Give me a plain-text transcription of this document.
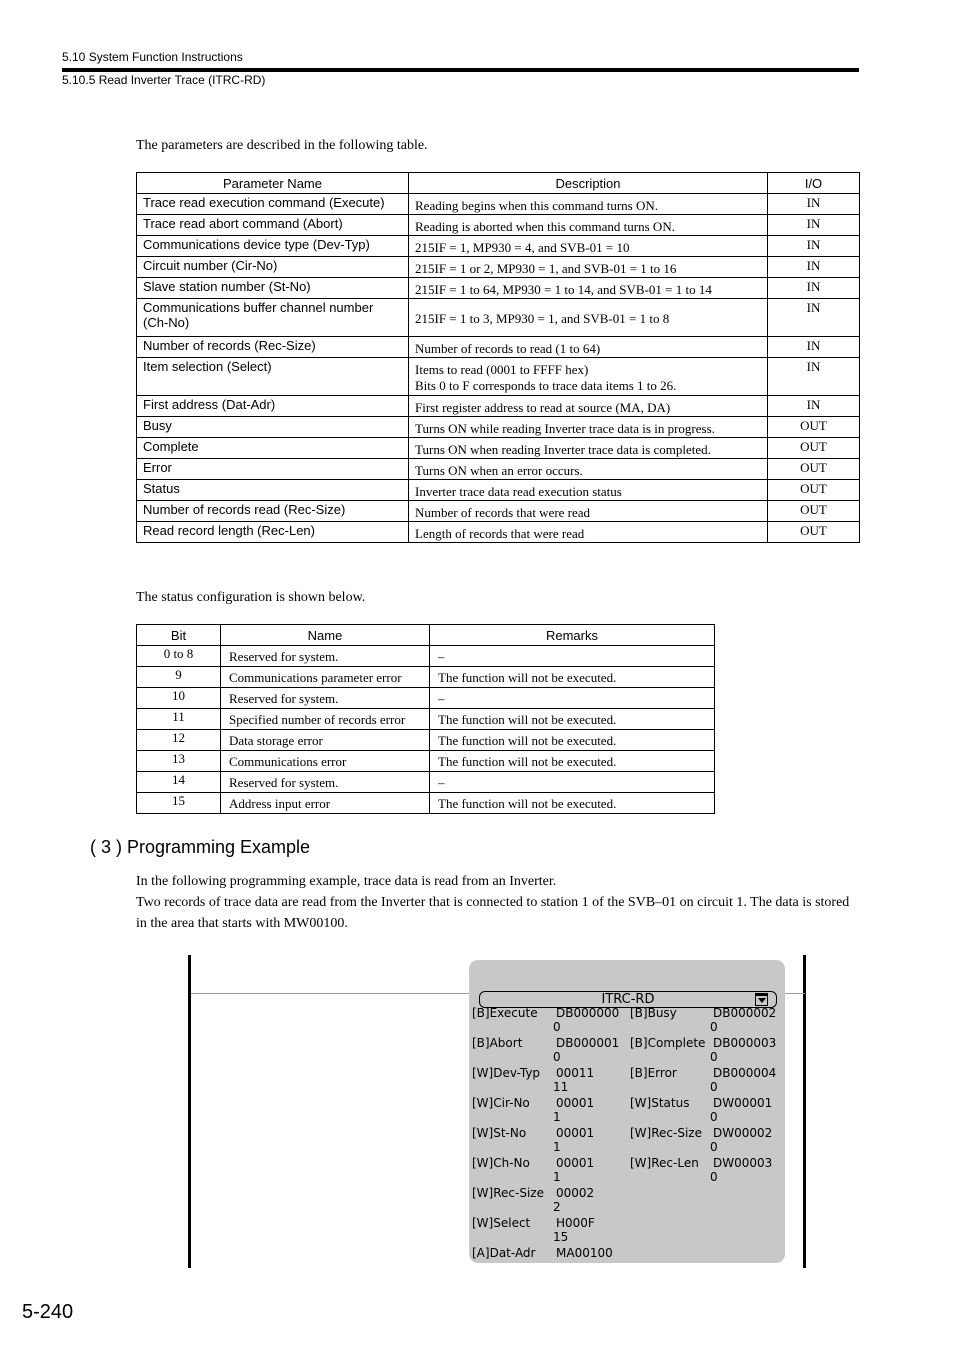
5.10 System Function Instructions
5.10.5 Read Inverter Trace (ITRC-RD)
The parameters are described in the following table.
Parameter Name	Description	I/O
Trace read execution command (Execute)	Reading begins when this command turns ON.	IN
Trace read abort command (Abort)	Reading is aborted when this command turns ON.	IN
Communications device type (Dev-Typ)	215IF = 1, MP930 = 4, and SVB-01 = 10	IN
Circuit number (Cir-No)	215IF = 1 or 2, MP930 = 1, and SVB-01 = 1 to 16	IN
Slave station number (St-No)	215IF = 1 to 64, MP930 = 1 to 14, and SVB-01 = 1 to 14	IN
Communications buffer channel number (Ch-No)	215IF = 1 to 3, MP930 = 1, and SVB-01 = 1 to 8	IN
Number of records (Rec-Size)	Number of records to read (1 to 64)	IN
Item selection (Select)	Items to read (0001 to FFFF hex)
Bits 0 to F corresponds to trace data items 1 to 26.	IN
First address (Dat-Adr)	First register address to read at source (MA, DA)	IN
Busy	Turns ON while reading Inverter trace data is in progress.	OUT
Complete	Turns ON when reading Inverter trace data is completed.	OUT
Error	Turns ON when an error occurs.	OUT
Status	Inverter trace data read execution status	OUT
Number of records read (Rec-Size)	Number of records that were read	OUT
Read record length (Rec-Len)	Length of records that were read	OUT
The status configuration is shown below.
Bit	Name	Remarks
0 to 8	Reserved for system.	–
9	Communications parameter error	The function will not be executed.
10	Reserved for system.	–
11	Specified number of records error	The function will not be executed.
12	Data storage error	The function will not be executed.
13	Communications error	The function will not be executed.
14	Reserved for system.	–
15	Address input error	The function will not be executed.
( 3 ) Programming Example
In the following programming example, trace data is read from an Inverter.
Two records of trace data are read from the Inverter that is connected to station 1 of the SVB–01 on circuit 1. The data is stored in the area that starts with MW00100.
ITRC-RD
[B]Execute DB000000
0
[B]Abort	DB000001
0
[W]Dev-Typ 00011
11
[W]Cir-No 00001
1
[W]St-No 00001
1
[W]Ch-No 00001
1
[W]Rec-Size 00002
2
[W]Select H000F
15
[A]Dat-Adr MA00100
[B]Busy	DB000002
0
[B]Complete DB000003
0
[B]Error	DB000004
0
[W]Status DW00001
0
[W]Rec-Size DW00002
0
[W]Rec-Len DW00003
0
5-240
